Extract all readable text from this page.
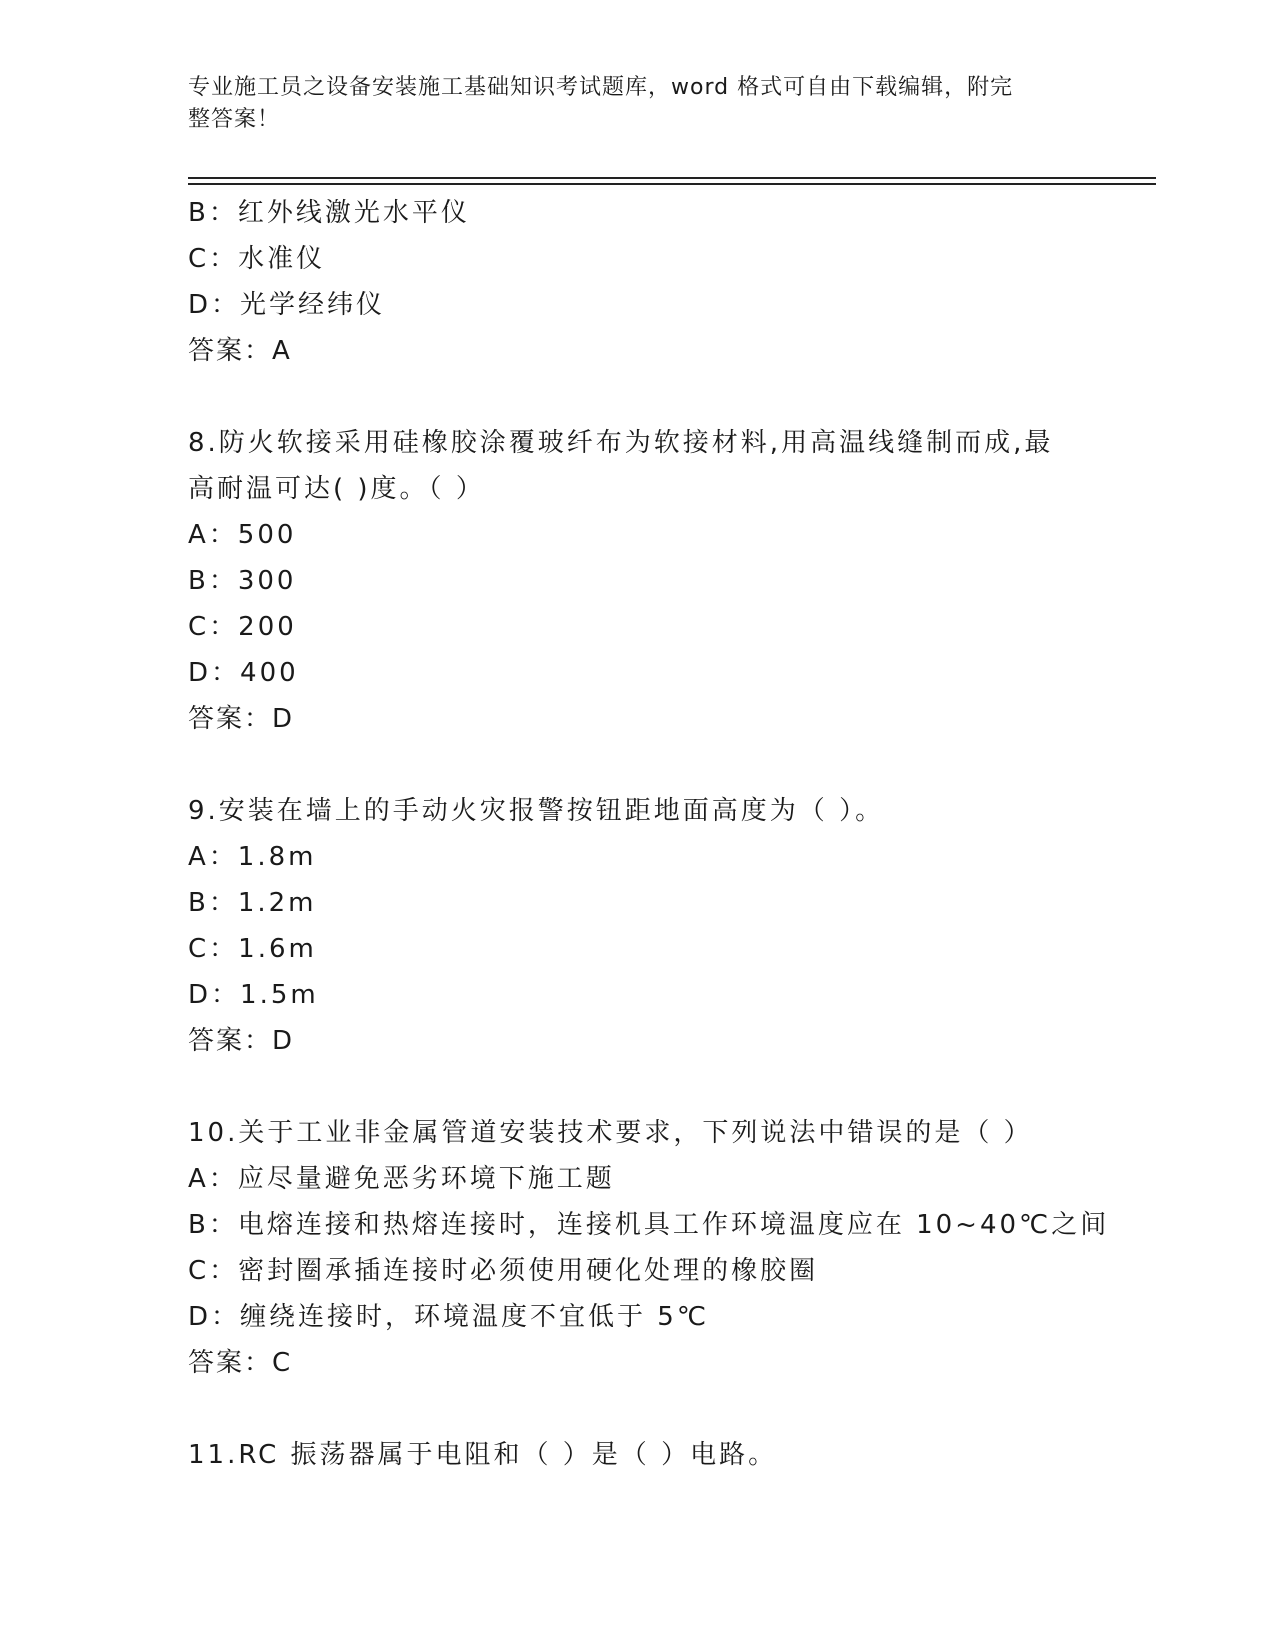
专业施工员之设备安装施工基础知识考试题库，word 格式可自由下载编辑，附完
整答案！
B：红外线激光水平仪
C：水准仪
D：光学经纬仪
答案：A
8.防火软接采用硅橡胶涂覆玻纤布为软接材料,用高温线缝制而成,最
高耐温可达( )度。（ ）
A：500
B：300
C：200
D：400
答案：D
9.安装在墙上的手动火灾报警按钮距地面高度为（ ）。
A：1.8m
B：1.2m
C：1.6m
D：1.5m
答案：D
10.关于工业非金属管道安装技术要求，下列说法中错误的是（ ）
A：应尽量避免恶劣环境下施工题
B：电熔连接和热熔连接时，连接机具工作环境温度应在 10~40℃之间
C：密封圈承插连接时必须使用硬化处理的橡胶圈
D：缠绕连接时，环境温度不宜低于 5℃
答案：C
11.RC 振荡器属于电阻和（ ）是（ ）电路。
